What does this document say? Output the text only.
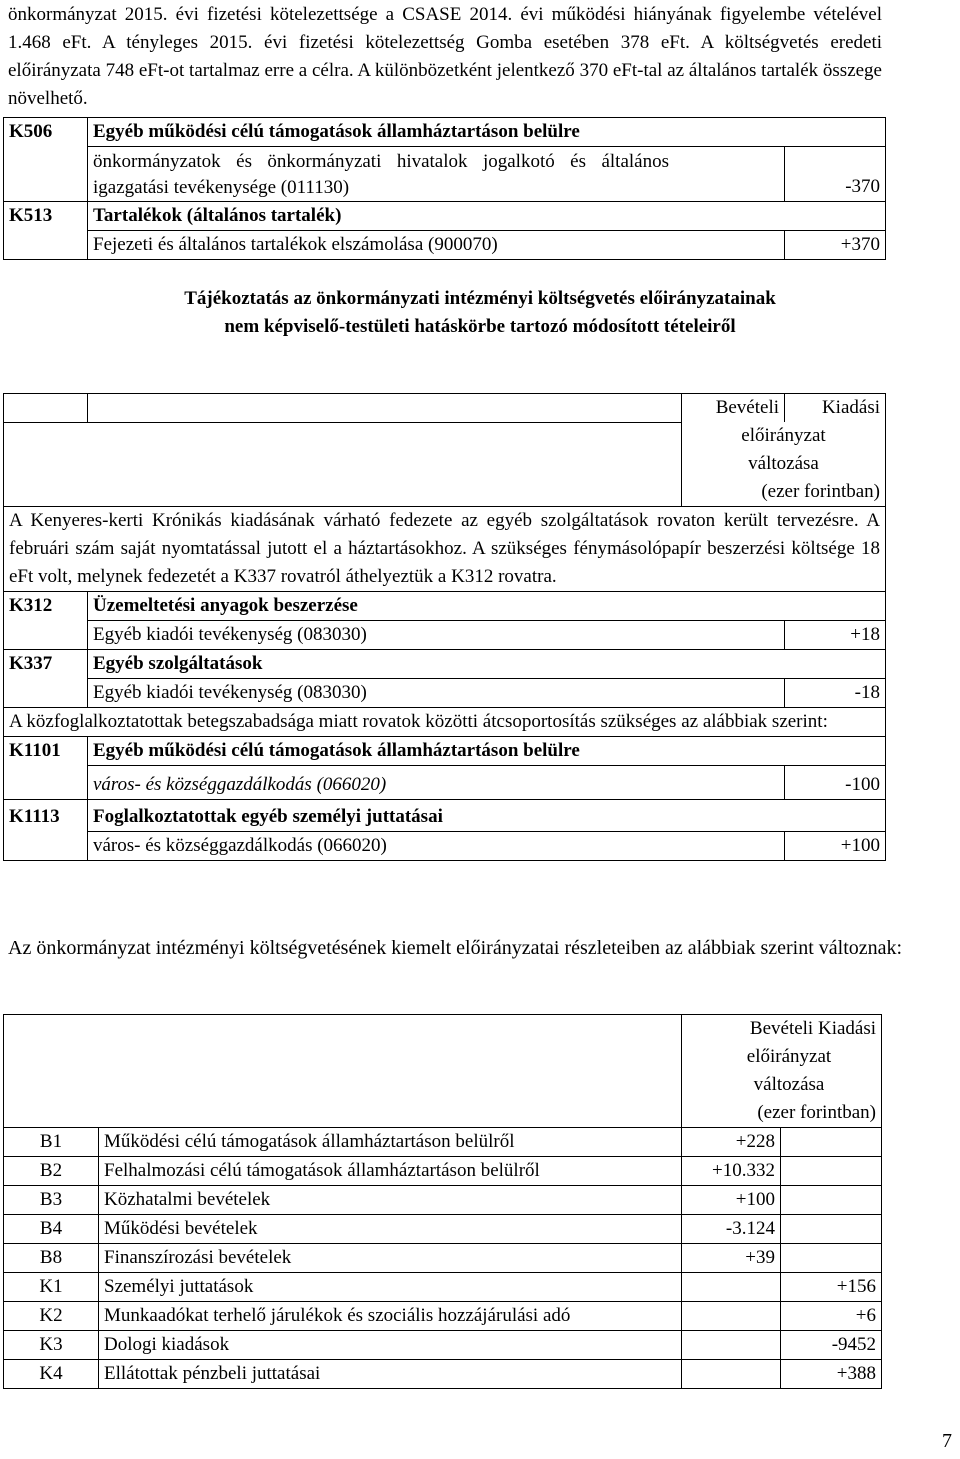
önkormányzat 2015. évi fizetési kötelezettsége a CSASE 2014. évi működési hiányának figyelembe vételével 1.468 eFt. A tényleges 2015. évi fizetési kötelezettség Gomba esetében 378 eFt. A költségvetés eredeti előirányzata 748 eFt-ot tartalmaz erre a célra. A különbözetként jelentkező 370 eFt-tal az általános tartalék összege növelhető.
K506	Egyéb működési célú támogatások államháztartáson belülre	
	önkormányzatok és önkormányzati hivatalok jogalkotó és általános igazgatási tevékenysége (011130)	-370
K513	Tartalékok (általános tartalék)	
	Fejezeti és általános tartalékok elszámolása (900070)	+370
Tájékoztatás az önkormányzati intézményi költségvetés előirányzatainak
nem képviselő-testületi hatáskörbe tartozó módosított tételeiről
		Bevételi	Kiadási

		előirányzat
változása
(ezer forintban)	

A Kenyeres-kerti Krónikás kiadásának várható fedezete az egyéb szolgáltatások rovaton került tervezésre. A februári szám saját nyomtatással jutott el a háztartásokhoz. A szükséges fénymásolópapír beszerzési költsége 18 eFt volt, melynek fedezetét a K337 rovatról áthelyeztük a K312 rovatra.			
K312	Üzemeltetési anyagok beszerzése		
	Egyéb kiadói tevékenység (083030)		+18
K337	Egyéb szolgáltatások		
	Egyéb kiadói tevékenység (083030)		-18
A közfoglalkoztatottak betegszabadsága miatt rovatok közötti átcsoportosítás szükséges az alábbiak szerint:			
K1101	Egyéb működési célú támogatások államháztartáson belülre		
	város- és községgazdálkodás (066020)		-100
K1113	Foglalkoztatottak egyéb személyi juttatásai		
	város- és községgazdálkodás (066020)		+100
Az önkormányzat intézményi költségvetésének kiemelt előirányzatai részleteiben az alábbiak szerint változnak:

		Bevételi Kiadási
előirányzat
változása
(ezer forintban)	

B1	Működési célú támogatások államháztartáson belülről	+228	
B2	Felhalmozási célú támogatások államháztartáson belülről	+10.332	
B3	Közhatalmi bevételek	+100	
B4	Működési bevételek	-3.124	
B8	Finanszírozási bevételek	+39	
K1	Személyi juttatások		+156
K2	Munkaadókat terhelő járulékok és szociális hozzájárulási adó		+6
K3	Dologi kiadások		-9452
K4	Ellátottak pénzbeli juttatásai		+388
7
